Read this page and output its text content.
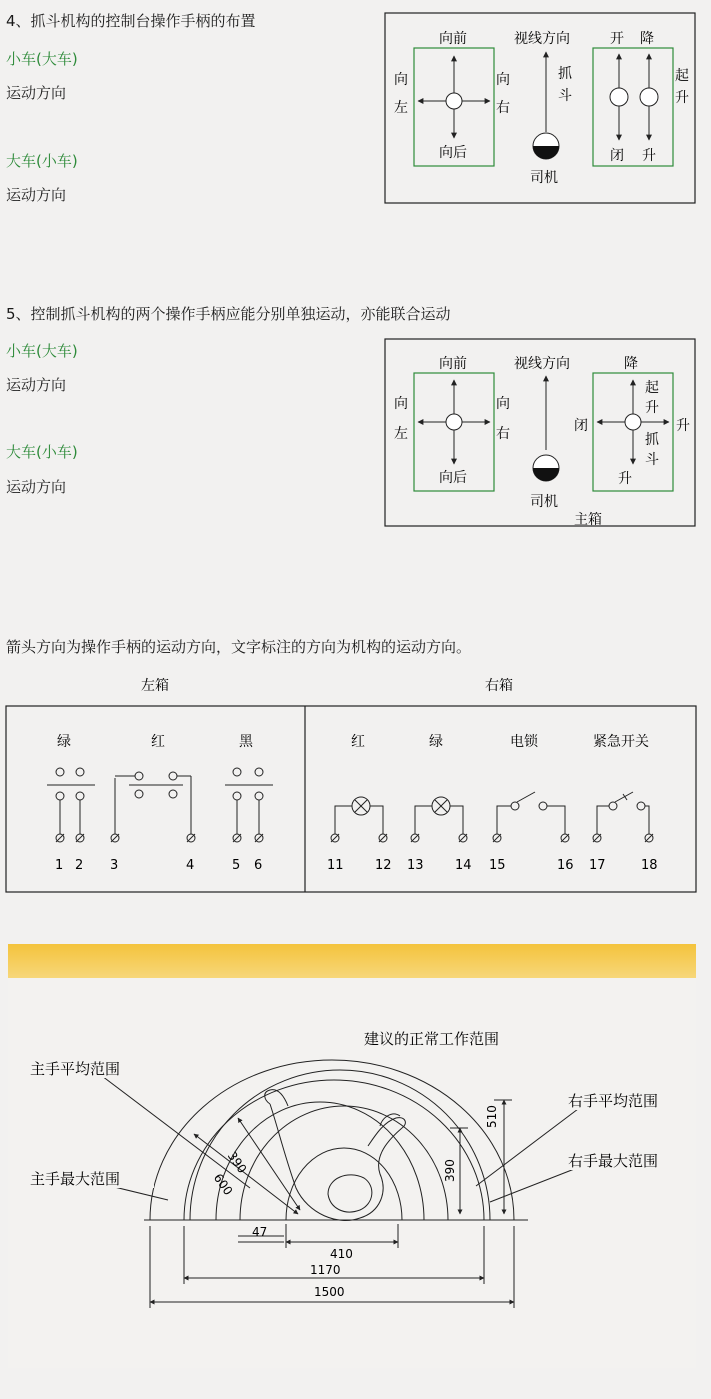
4、抓斗机构的控制台操作手柄的布置
小车(大车)
运动方向
大车(小车)
运动方向
向前
向后
向
左
向
右
视线方向
抓
斗
司机
开 降
起
升
闭 升
5、控制抓斗机构的两个操作手柄应能分别单独运动，亦能联合运动
小车(大车)
运动方向
大车(小车)
运动方向
向前
向后
向
左
向
右
视线方向
司机
降
起
升
闭	升
抓
斗
升
主箱
箭头方向为操作手柄的运动方向，文字标注的方向为机构的运动方向。
左箱	右箱
绿	红	黑	红	绿	电锁	紧急开关
1 2 3	4	5 6	11 12 13 14 15	16 17	18
建议的正常工作范围
主手平均范围
主手最大范围
右手平均范围
右手最大范围
390
600
47
410
1170
1500
390
510
